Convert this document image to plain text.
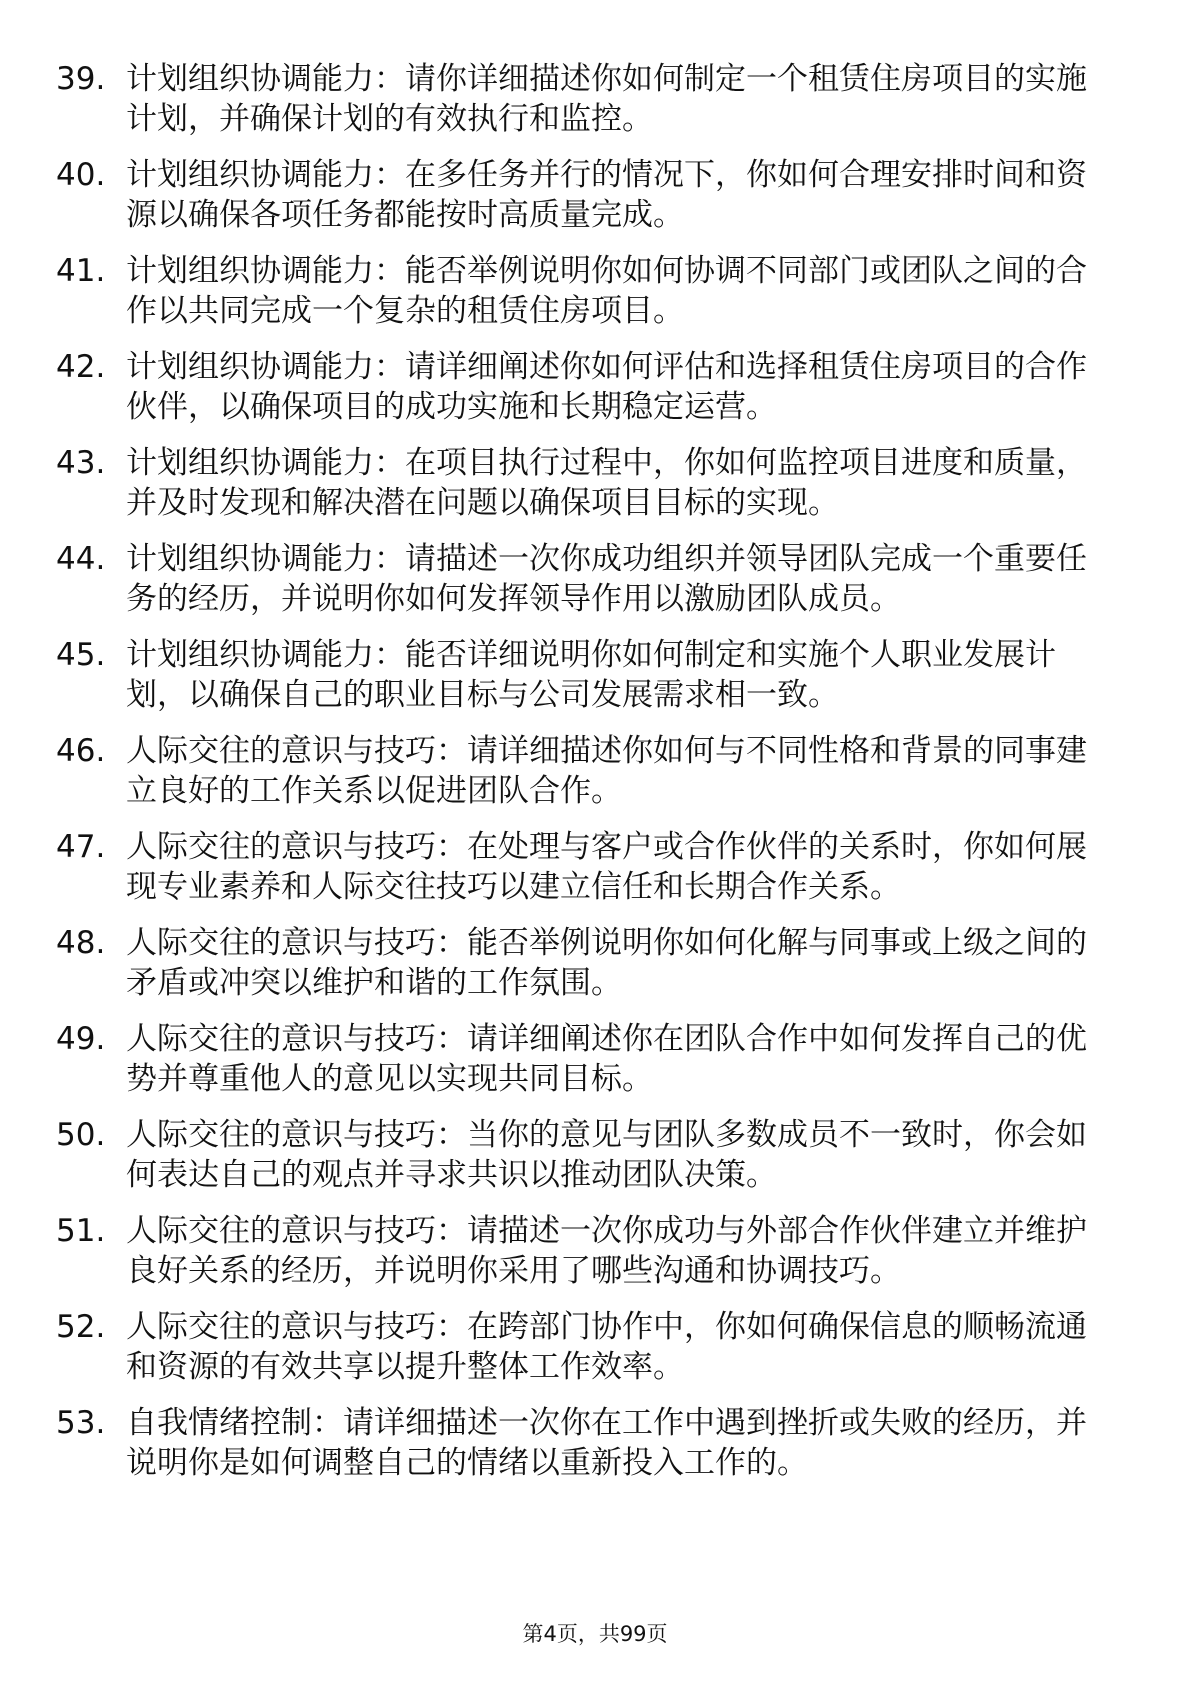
39. 计划组织协调能力：请你详细描述你如何制定一个租赁住房项目的实施计划，并确保计划的有效执行和监控。
40. 计划组织协调能力：在多任务并行的情况下，你如何合理安排时间和资源以确保各项任务都能按时高质量完成。
41. 计划组织协调能力：能否举例说明你如何协调不同部门或团队之间的合作以共同完成一个复杂的租赁住房项目。
42. 计划组织协调能力：请详细阐述你如何评估和选择租赁住房项目的合作伙伴，以确保项目的成功实施和长期稳定运营。
43. 计划组织协调能力：在项目执行过程中，你如何监控项目进度和质量，并及时发现和解决潜在问题以确保项目目标的实现。
44. 计划组织协调能力：请描述一次你成功组织并领导团队完成一个重要任务的经历，并说明你如何发挥领导作用以激励团队成员。
45. 计划组织协调能力：能否详细说明你如何制定和实施个人职业发展计划，以确保自己的职业目标与公司发展需求相一致。
46. 人际交往的意识与技巧：请详细描述你如何与不同性格和背景的同事建立良好的工作关系以促进团队合作。
47. 人际交往的意识与技巧：在处理与客户或合作伙伴的关系时，你如何展现专业素养和人际交往技巧以建立信任和长期合作关系。
48. 人际交往的意识与技巧：能否举例说明你如何化解与同事或上级之间的矛盾或冲突以维护和谐的工作氛围。
49. 人际交往的意识与技巧：请详细阐述你在团队合作中如何发挥自己的优势并尊重他人的意见以实现共同目标。
50. 人际交往的意识与技巧：当你的意见与团队多数成员不一致时，你会如何表达自己的观点并寻求共识以推动团队决策。
51. 人际交往的意识与技巧：请描述一次你成功与外部合作伙伴建立并维护良好关系的经历，并说明你采用了哪些沟通和协调技巧。
52. 人际交往的意识与技巧：在跨部门协作中，你如何确保信息的顺畅流通和资源的有效共享以提升整体工作效率。
53. 自我情绪控制：请详细描述一次你在工作中遇到挫折或失败的经历，并说明你是如何调整自己的情绪以重新投入工作的。
第4页，共99页
